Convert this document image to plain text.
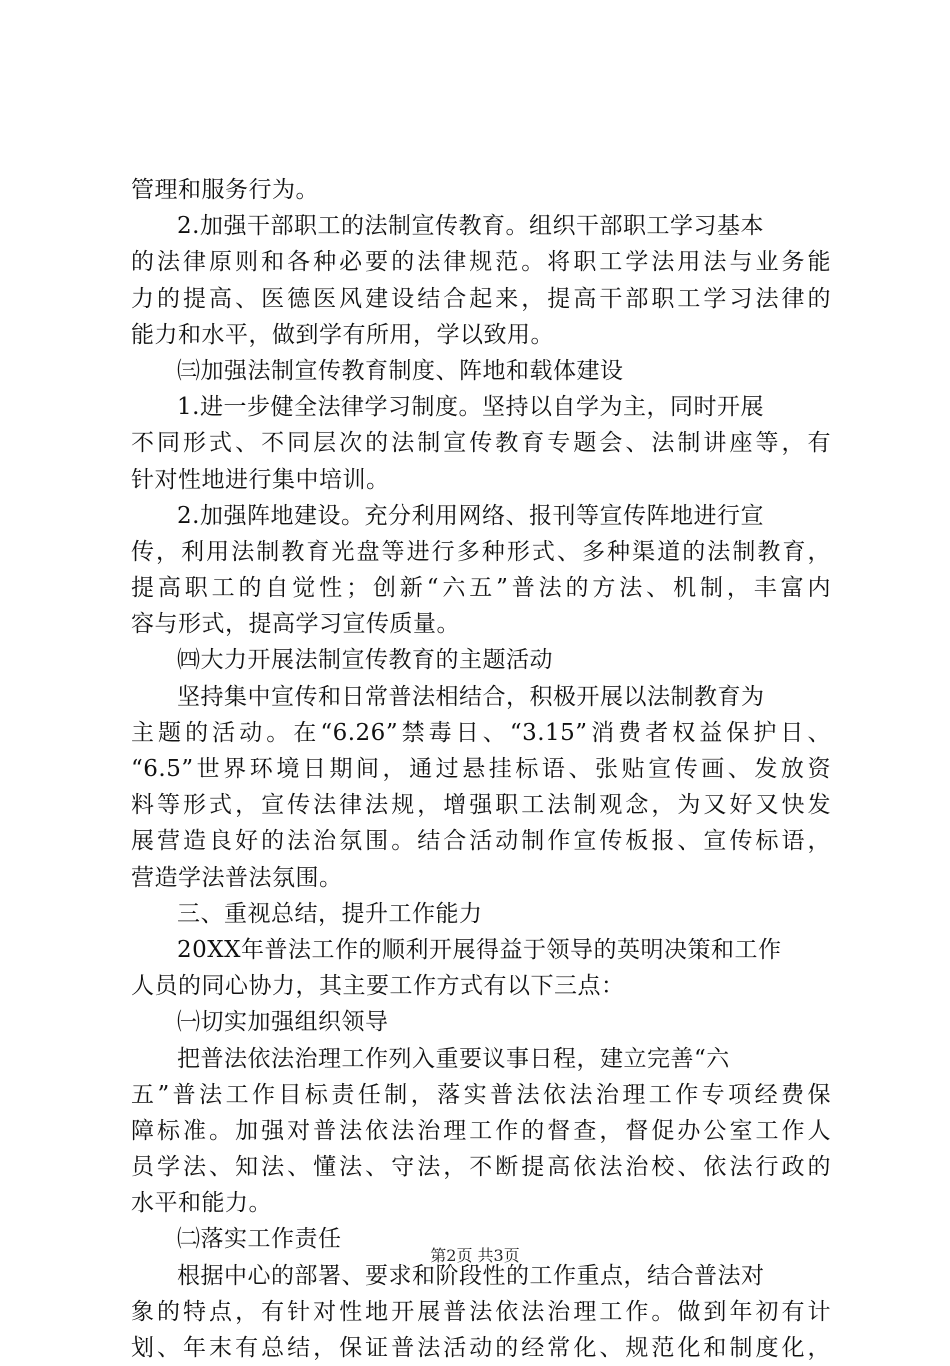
管理和服务行为。
2.加强干部职工的法制宣传教育。组织干部职工学习基本
的法律原则和各种必要的法律规范。将职工学法用法与业务能
力的提高、医德医风建设结合起来，提高干部职工学习法律的
能力和水平，做到学有所用，学以致用。
㈢加强法制宣传教育制度、阵地和载体建设
1.进一步健全法律学习制度。坚持以自学为主，同时开展
不同形式、不同层次的法制宣传教育专题会、法制讲座等，有
针对性地进行集中培训。
2.加强阵地建设。充分利用网络、报刊等宣传阵地进行宣
传，利用法制教育光盘等进行多种形式、多种渠道的法制教育，
提高职工的自觉性；创新“六五”普法的方法、机制，丰富内
容与形式，提高学习宣传质量。
㈣大力开展法制宣传教育的主题活动
坚持集中宣传和日常普法相结合，积极开展以法制教育为
主题的活动。在“6.26”禁毒日、“3.15”消费者权益保护日、
“6.5”世界环境日期间，通过悬挂标语、张贴宣传画、发放资
料等形式，宣传法律法规，增强职工法制观念，为又好又快发
展营造良好的法治氛围。结合活动制作宣传板报、宣传标语，
营造学法普法氛围。
三、重视总结，提升工作能力
20XX年普法工作的顺利开展得益于领导的英明决策和工作
人员的同心协力，其主要工作方式有以下三点：
㈠切实加强组织领导
把普法依法治理工作列入重要议事日程，建立完善“六
五”普法工作目标责任制，落实普法依法治理工作专项经费保
障标准。加强对普法依法治理工作的督查，督促办公室工作人
员学法、知法、懂法、守法，不断提高依法治校、依法行政的
水平和能力。
㈡落实工作责任
根据中心的部署、要求和阶段性的工作重点，结合普法对
象的特点，有针对性地开展普法依法治理工作。做到年初有计
划、年末有总结，保证普法活动的经常化、规范化和制度化，
第2页 共3页
